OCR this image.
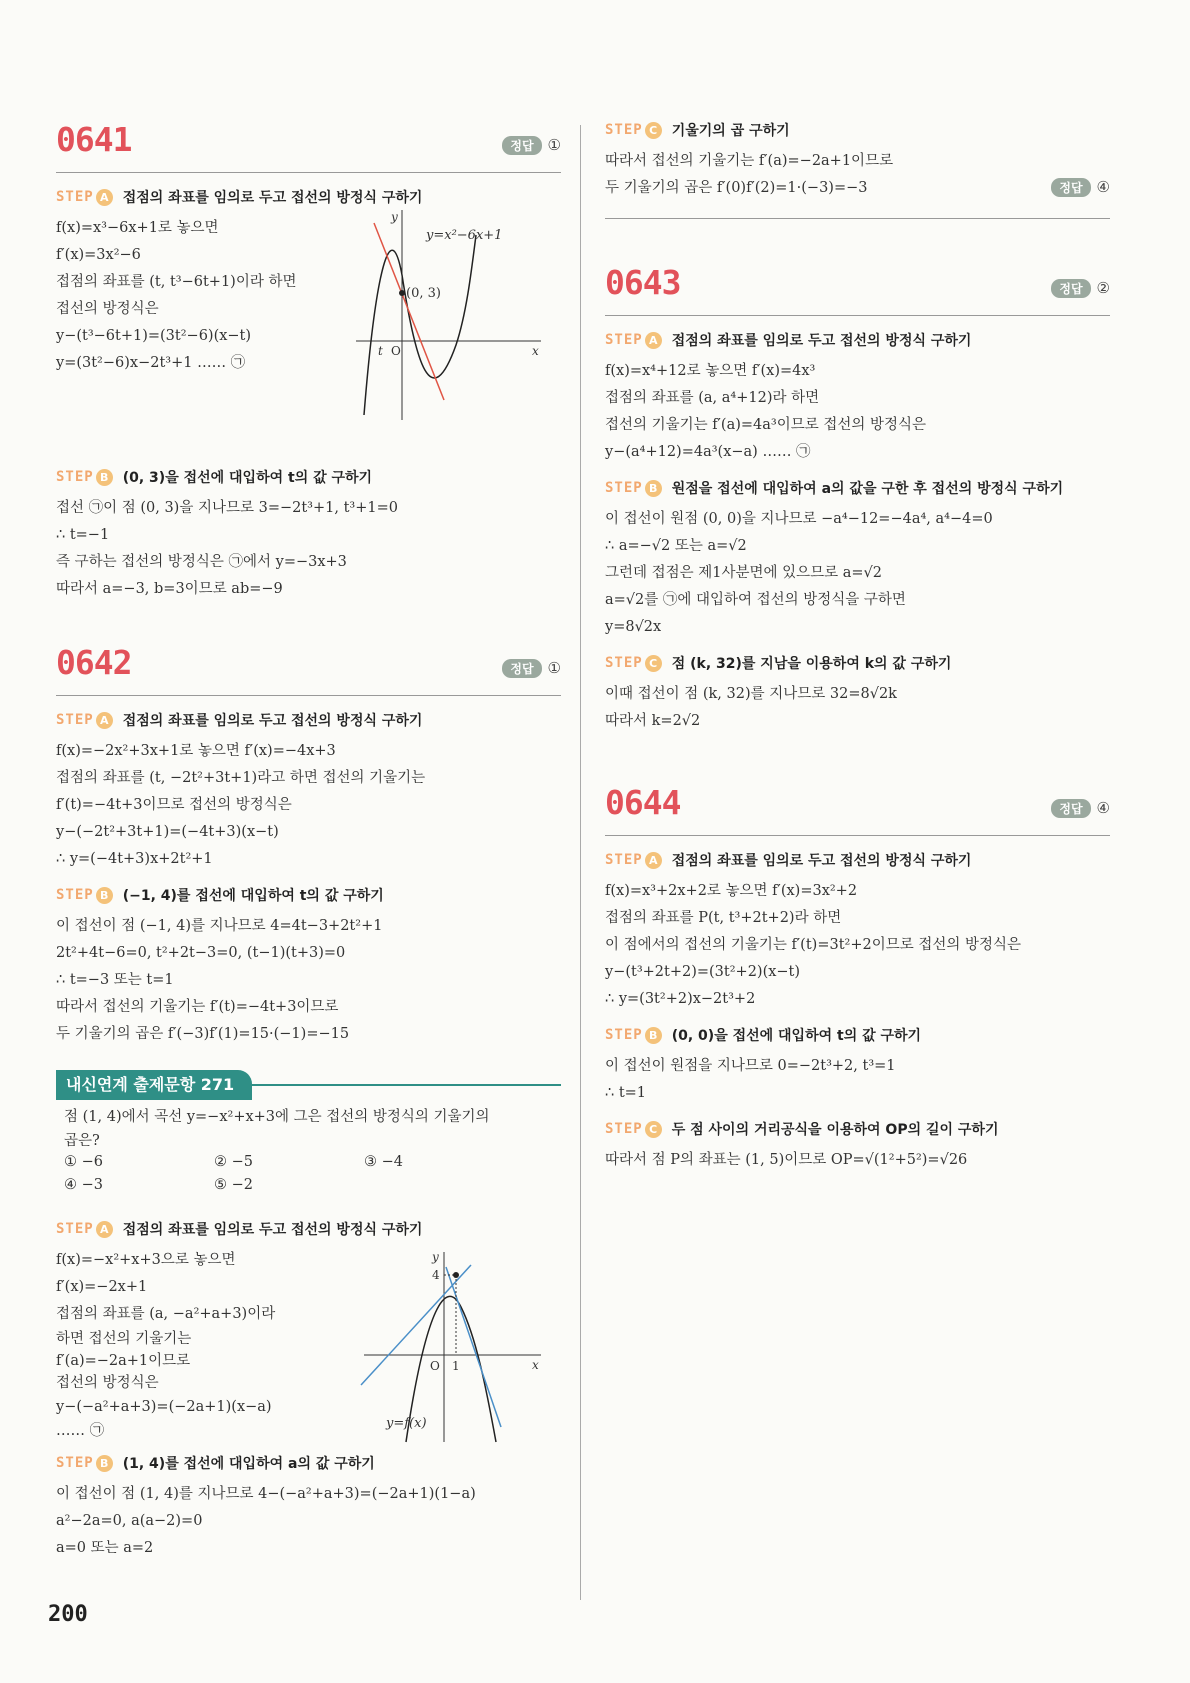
0641	정답 ①
STEP A	접점의 좌표를 임의로 두고 접선의 방정식 구하기
f(x)=x³−6x+1로 놓으면
f′(x)=3x²−6
접점의 좌표를 (t, t³−6t+1)이라 하면
접선의 방정식은
y−(t³−6t+1)=(3t²−6)(x−t)
y=(3t²−6)x−2t³+1 …… ㉠
(0, 3)
y=x²−6x+1
y
x
O
t
STEP B	(0, 3)을 접선에 대입하여 t의 값 구하기
접선 ㉠이 점 (0, 3)을 지나므로 3=−2t³+1, t³+1=0
∴ t=−1
즉 구하는 접선의 방정식은 ㉠에서 y=−3x+3
따라서 a=−3, b=3이므로 ab=−9
0642	정답 ①
STEP A	접점의 좌표를 임의로 두고 접선의 방정식 구하기
f(x)=−2x²+3x+1로 놓으면 f′(x)=−4x+3
접점의 좌표를 (t, −2t²+3t+1)라고 하면 접선의 기울기는
f′(t)=−4t+3이므로 접선의 방정식은
y−(−2t²+3t+1)=(−4t+3)(x−t)
∴ y=(−4t+3)x+2t²+1
STEP B	(−1, 4)를 접선에 대입하여 t의 값 구하기
이 접선이 점 (−1, 4)를 지나므로 4=4t−3+2t²+1
2t²+4t−6=0, t²+2t−3=0, (t−1)(t+3)=0
∴ t=−3 또는 t=1
따라서 접선의 기울기는 f′(t)=−4t+3이므로
두 기울기의 곱은 f′(−3)f′(1)=15·(−1)=−15
내신연계 출제문항 271
점 (1, 4)에서 곡선 y=−x²+x+3에 그은 접선의 방정식의 기울기의
곱은?
① −6	② −5	③ −4
④ −3	⑤ −2
STEP A	접점의 좌표를 임의로 두고 접선의 방정식 구하기
f(x)=−x²+x+3으로 놓으면
f′(x)=−2x+1
접점의 좌표를 (a, −a²+a+3)이라
하면 접선의 기울기는
f′(a)=−2a+1이므로
접선의 방정식은
y−(−a²+a+3)=(−2a+1)(x−a)
…… ㉠
4
1
O
y
x
y=f(x)
STEP B	(1, 4)를 접선에 대입하여 a의 값 구하기
이 접선이 점 (1, 4)를 지나므로 4−(−a²+a+3)=(−2a+1)(1−a)
a²−2a=0, a(a−2)=0
a=0 또는 a=2
STEP C	기울기의 곱 구하기
따라서 접선의 기울기는 f′(a)=−2a+1이므로
두 기울기의 곱은 f′(0)f′(2)=1·(−3)=−3	정답 ④
0643	정답 ②
STEP A	접점의 좌표를 임의로 두고 접선의 방정식 구하기
f(x)=x⁴+12로 놓으면 f′(x)=4x³
접점의 좌표를 (a, a⁴+12)라 하면
접선의 기울기는 f′(a)=4a³이므로 접선의 방정식은
y−(a⁴+12)=4a³(x−a) …… ㉠
STEP B	원점을 접선에 대입하여 a의 값을 구한 후 접선의 방정식 구하기
이 접선이 원점 (0, 0)을 지나므로 −a⁴−12=−4a⁴, a⁴−4=0
∴ a=−√2 또는 a=√2
그런데 접점은 제1사분면에 있으므로 a=√2
a=√2를 ㉠에 대입하여 접선의 방정식을 구하면
y=8√2x
STEP C	점 (k, 32)를 지남을 이용하여 k의 값 구하기
이때 접선이 점 (k, 32)를 지나므로 32=8√2k
따라서 k=2√2
0644	정답 ④
STEP A	접점의 좌표를 임의로 두고 접선의 방정식 구하기
f(x)=x³+2x+2로 놓으면 f′(x)=3x²+2
접점의 좌표를 P(t, t³+2t+2)라 하면
이 점에서의 접선의 기울기는 f′(t)=3t²+2이므로 접선의 방정식은
y−(t³+2t+2)=(3t²+2)(x−t)
∴ y=(3t²+2)x−2t³+2
STEP B	(0, 0)을 접선에 대입하여 t의 값 구하기
이 접선이 원점을 지나므로 0=−2t³+2, t³=1
∴ t=1
STEP C	두 점 사이의 거리공식을 이용하여 OP의 길이 구하기
따라서 점 P의 좌표는 (1, 5)이므로 OP=√(1²+5²)=√26
200
